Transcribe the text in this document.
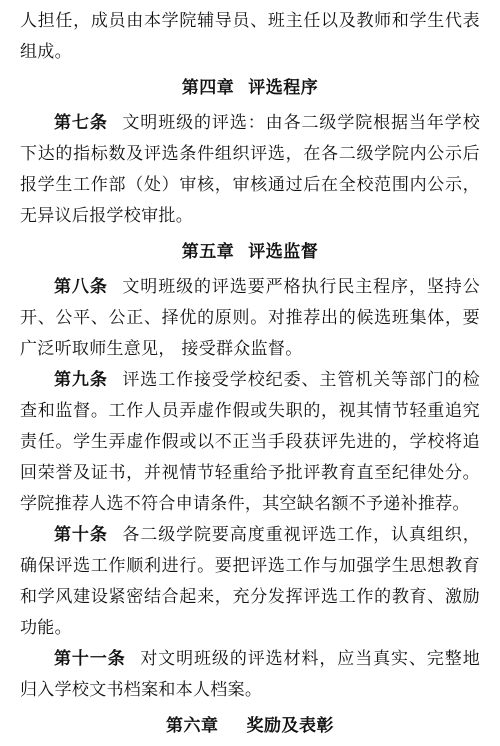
人担任，成员由本学院辅导员、班主任以及教师和学生代表组成。

第四章 评选程序

第七条 文明班级的评选：由各二级学院根据当年学校下达的指标数及评选条件组织评选，在各二级学院内公示后报学生工作部（处）审核，审核通过后在全校范围内公示，无异议后报学校审批。

第五章 评选监督

第八条 文明班级的评选要严格执行民主程序，坚持公开、公平、公正、择优的原则。对推荐出的候选班集体，要广泛听取师生意见， 接受群众监督。

第九条 评选工作接受学校纪委、主管机关等部门的检查和监督。工作人员弄虚作假或失职的，视其情节轻重追究责任。学生弄虚作假或以不正当手段获评先进的，学校将追回荣誉及证书，并视情节轻重给予批评教育直至纪律处分。学院推荐人选不符合申请条件，其空缺名额不予递补推荐。

第十条 各二级学院要高度重视评选工作，认真组织，确保评选工作顺利进行。要把评选工作与加强学生思想教育和学风建设紧密结合起来，充分发挥评选工作的教育、激励功能。

第十一条 对文明班级的评选材料，应当真实、完整地归入学校文书档案和本人档案。

第六章 奖励及表彰
